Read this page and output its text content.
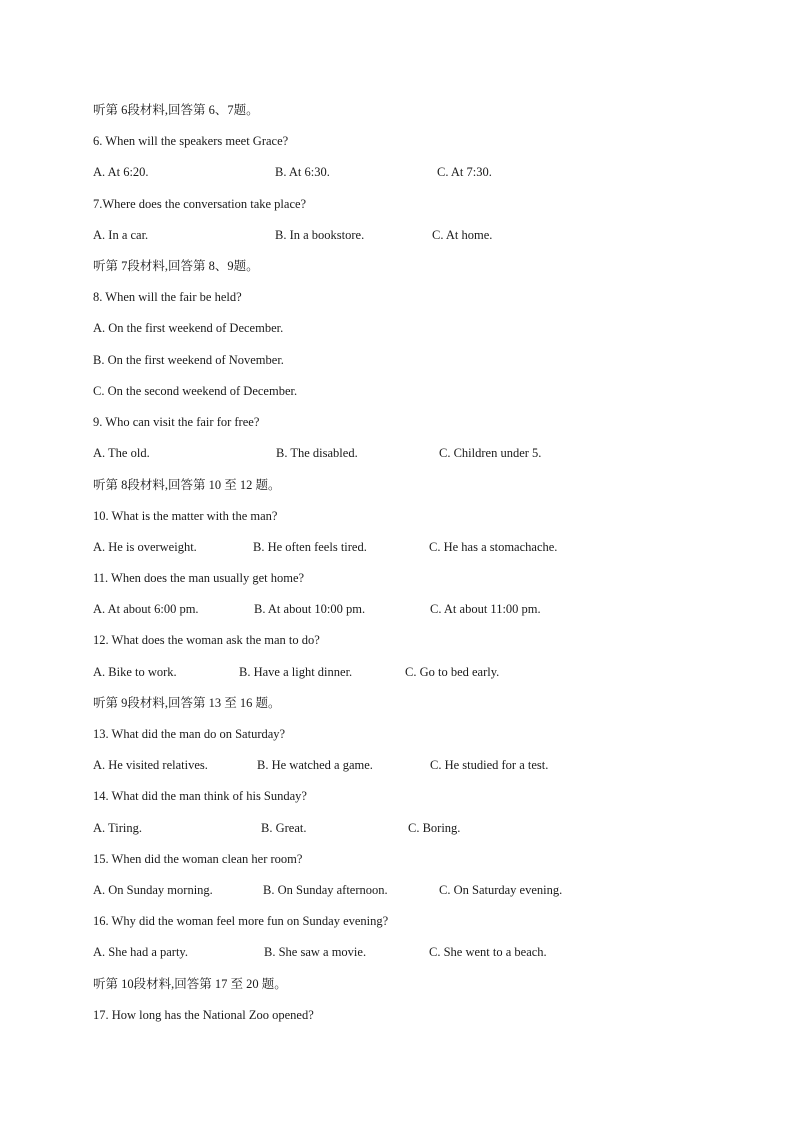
听第 6段材料,回答第 6、7题。
6. When will the speakers meet Grace?
A. At 6:20.	B. At 6:30.	C. At 7:30.
7.Where does the conversation take place?
A. In a car.	B. In a bookstore.	C. At home.
听第 7段材料,回答第 8、9题。
8. When will the fair be held?
A. On the first weekend of December.
B. On the first weekend of November.
C. On the second weekend of December.
9. Who can visit the fair for free?
A. The old.	B. The disabled.	C. Children under 5.
听第 8段材料,回答第 10 至 12 题。
10. What is the matter with the man?
A. He is overweight.	B. He often feels tired.	C. He has a stomachache.
11. When does the man usually get home?
A. At about 6:00 pm.	B. At about 10:00 pm.	C. At about 11:00 pm.
12. What does the woman ask the man to do?
A. Bike to work.	B. Have a light dinner.	C. Go to bed early.
听第 9段材料,回答第 13 至 16 题。
13. What did the man do on Saturday?
A. He visited relatives.	B. He watched a game.	C. He studied for a test.
14. What did the man think of his Sunday?
A. Tiring.	B. Great.	C. Boring.
15. When did the woman clean her room?
A. On Sunday morning.	B. On Sunday afternoon.	C. On Saturday evening.
16. Why did the woman feel more fun on Sunday evening?
A. She had a party.	B. She saw a movie.	C. She went to a beach.
听第 10段材料,回答第 17 至 20 题。
17. How long has the National Zoo opened?
